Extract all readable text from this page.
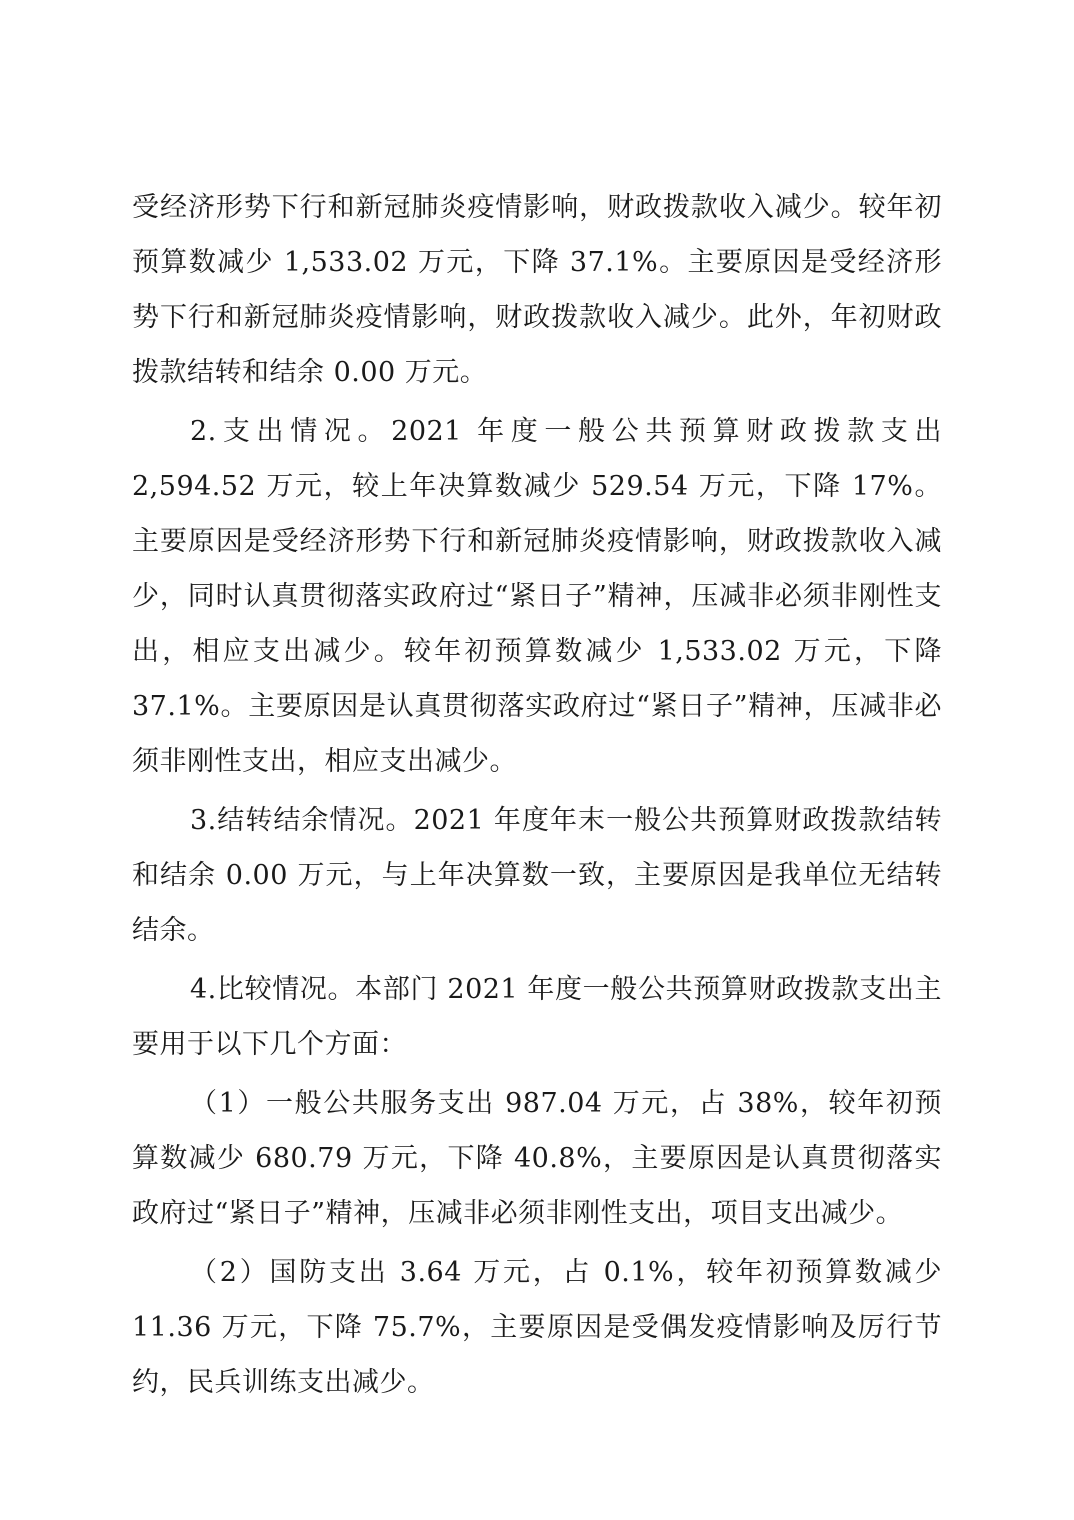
受经济形势下行和新冠肺炎疫情影响，财政拨款收入减少。较年初预算数减少 1,533.02 万元，下降 37.1%。主要原因是受经济形势下行和新冠肺炎疫情影响，财政拨款收入减少。此外，年初财政拨款结转和结余 0.00 万元。

2.支出情况。2021 年度一般公共预算财政拨款支出 2,594.52 万元，较上年决算数减少 529.54 万元，下降 17%。主要原因是受经济形势下行和新冠肺炎疫情影响，财政拨款收入减少，同时认真贯彻落实政府过“紧日子”精神，压减非必须非刚性支出，相应支出减少。较年初预算数减少 1,533.02 万元，下降 37.1%。主要原因是认真贯彻落实政府过“紧日子”精神，压减非必须非刚性支出，相应支出减少。

3.结转结余情况。2021 年度年末一般公共预算财政拨款结转和结余 0.00 万元，与上年决算数一致，主要原因是我单位无结转结余。

4.比较情况。本部门 2021 年度一般公共预算财政拨款支出主要用于以下几个方面：

（1）一般公共服务支出 987.04 万元，占 38%，较年初预算数减少 680.79 万元，下降 40.8%，主要原因是认真贯彻落实政府过“紧日子”精神，压减非必须非刚性支出，项目支出减少。

（2）国防支出 3.64 万元，占 0.1%，较年初预算数减少 11.36 万元，下降 75.7%，主要原因是受偶发疫情影响及厉行节约，民兵训练支出减少。
